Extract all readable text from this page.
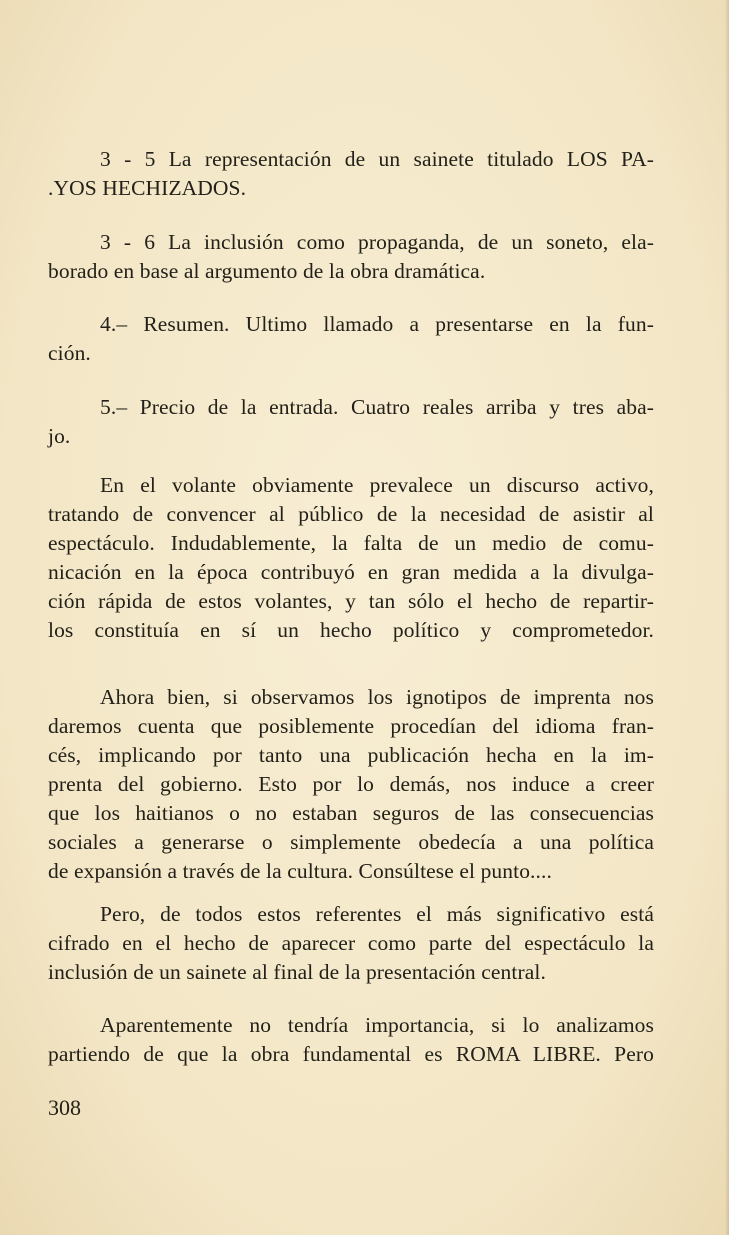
3 - 5 La representación de un sainete titulado LOS PA-
.YOS HECHIZADOS.
3 - 6 La inclusión como propaganda, de un soneto, ela-
borado en base al argumento de la obra dramática.
4.– Resumen. Ultimo llamado a presentarse en la fun-
ción.
5.– Precio de la entrada. Cuatro reales arriba y tres aba-
jo.
En el volante obviamente prevalece un discurso activo,
tratando de convencer al público de la necesidad de asistir al
espectáculo. Indudablemente, la falta de un medio de comu-
nicación en la época contribuyó en gran medida a la divulga-
ción rápida de estos volantes, y tan sólo el hecho de repartir-
los constituía en sí un hecho político y comprometedor.
Ahora bien, si observamos los ignotipos de imprenta nos
daremos cuenta que posiblemente procedían del idioma fran-
cés, implicando por tanto una publicación hecha en la im-
prenta del gobierno. Esto por lo demás, nos induce a creer
que los haitianos o no estaban seguros de las consecuencias
sociales a generarse o simplemente obedecía a una política
de expansión a través de la cultura. Consúltese el punto....
Pero, de todos estos referentes el más significativo está
cifrado en el hecho de aparecer como parte del espectáculo la
inclusión de un sainete al final de la presentación central.
Aparentemente no tendría importancia, si lo analizamos
partiendo de que la obra fundamental es ROMA LIBRE. Pero
308
